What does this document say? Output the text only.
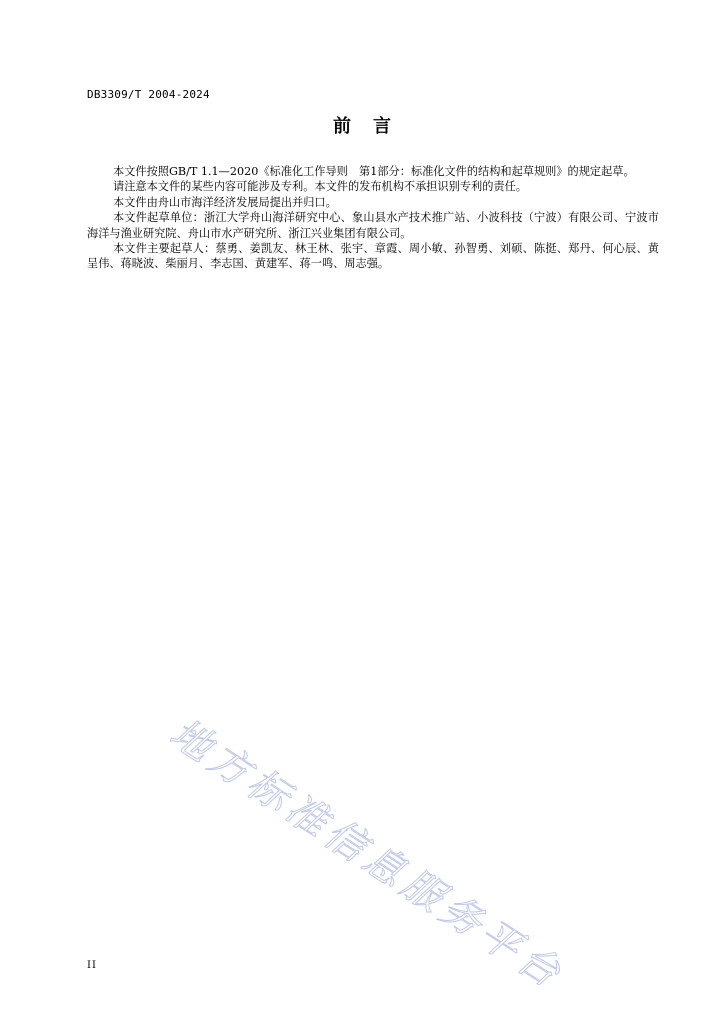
DB3309/T 2004-2024
前言

本文件按照GB/T 1.1—2020《标准化工作导则　第1部分：标准化文件的结构和起草规则》的规定起草。

请注意本文件的某些内容可能涉及专利。本文件的发布机构不承担识别专利的责任。

本文件由舟山市海洋经济发展局提出并归口。

本文件起草单位：浙江大学舟山海洋研究中心、象山县水产技术推广站、小波科技（宁波）有限公司、宁波市海洋与渔业研究院、舟山市水产研究所、浙江兴业集团有限公司。

本文件主要起草人：蔡勇、姜凯友、林王林、张宇、章霞、周小敏、孙智勇、刘硕、陈挺、郑丹、何心辰、黄呈伟、蒋晓波、柴丽月、李志国、黄建军、蒋一鸣、周志强。

地方标准信息服务平台
II
